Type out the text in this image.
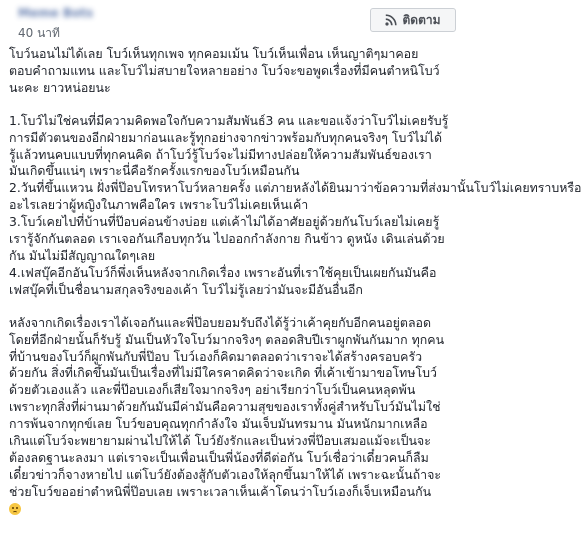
Meme Bots
40 นาที
ติดตาม

โบว์นอนไม่ได้เลย โบว์เห็นทุกเพจ ทุกคอมเม้น โบว์เห็นเพื่อน เห็นญาติๆมาคอย

ตอบคำถามแทน และโบว์ไม่สบายใจหลายอย่าง โบว์จะขอพูดเรื่องที่มีคนตำหนิโบว์

นะคะ ยาวหน่อยนะ

1.โบว์ไม่ใช่คนที่มีความคิดพอใจกับความสัมพันธ์3 คน และขอแจ้งว่าโบว์ไม่เคยรับรู้

การมีตัวตนของอีกฝ่ายมาก่อนและรู้ทุกอย่างจากข่าวพร้อมกับทุกคนจริงๆ โบว์ไม่ได้

รู้แล้วทนคบแบบที่ทุกคนคิด ถ้าโบว์รู้โบว์จะไม่มีทางปล่อยให้ความสัมพันธ์ของเรา

มันเกิดขึ้นแน่ๆ เพราะนี่คือรักครั้งแรกของโบว์เหมือนกัน

2.วันที่ขึ้นแหวน ฝั่งพี่ป๊อบโทรหาโบว์หลายครั้ง แต่ภายหลังได้ยินมาว่าข้อความที่ส่งมานั้นโบว์ไม่เคยทราบหรือ

อะไรเลยว่าผู้หญิงในภาพคือใคร เพราะโบว์ไม่เคยเห็นเค้า

3.โบว์เคยไปที่บ้านที่ป๊อบค่อนข้างบ่อย แต่เค้าไม่ได้อาศัยอยู่ด้วยกันโบว์เลยไม่เคยรู้

เรารู้จักกันตลอด เราเจอกันเกือบทุกวัน ไปออกกำลังกาย กินข้าว ดูหนัง เดินเล่นด้วย

กัน มันไม่มีสัญญาณใดๆเลย

4.เฟสบุ๊คอีกอันโบว์ก็พึ่งเห็นหลังจากเกิดเรื่อง เพราะอันที่เราใช้คุยเป็นเผยกันมันคือ

เฟสบุ๊คที่เป็นชื่อนามสกุลจริงของเค้า โบว์ไม่รู้เลยว่ามันจะมีอันอื่นอีก

หลังจากเกิดเรื่องเราได้เจอกันและพี่ป๊อบยอมรับถึงได้รู้ว่าเค้าคุยกับอีกคนอยู่ตลอด

โดยที่อีกฝ่ายนั้นก็รับรู้ มันเป็นหัวใจโบว์มากจริงๆ ตลอดสิบปีเราผูกพันกันมาก ทุกคน

ที่บ้านของโบว์ก็ผูกพันกับพี่ป๊อบ โบว์เองก็คิดมาตลอดว่าเราจะได้สร้างครอบครัว

ด้วยกัน สิ่งที่เกิดขึ้นมันเป็นเรื่องที่ไม่มีใครคาดคิดว่าจะเกิด ที่เค้าเข้ามาขอโทษโบว์

ด้วยตัวเองแล้ว และพี่ป๊อบเองก็เสียใจมากจริงๆ อย่าเรียกว่าโบว์เป็นคนหลุดพ้น

เพราะทุกสิ่งที่ผ่านมาด้วยกันมันมีค่ามันคือความสุขของเราทั้งคู่สำหรับโบว์มันไม่ใช่

การพ้นจากทุกข์เลย โบว์ขอบคุณทุกกำลังใจ มันเจ็บมันทรมาน มันหนักมากเหลือ

เกินแต่โบว์จะพยายามผ่านไปให้ได้ โบว์ยังรักและเป็นห่วงพี่ป๊อบเสมอแม้จะเป็นจะ

ต้องลดฐานะลงมา แต่เราจะเป็นเพื่อนเป็นพี่น้องที่ดีต่อกัน โบว์เชื่อว่าเดี๋ยวคนก็ลืม

เดี๋ยวข่าวก็จางหายไป แต่โบว์ยังต้องสู้กับตัวเองให้ลุกขึ้นมาให้ได้ เพราะฉะนั้นถ้าจะ

ช่วยโบว์ขออย่าตำหนิพี่ป๊อบเลย เพราะเวลาเห็นเค้าโดนว่าโบว์เองก็เจ็บเหมือนกัน
